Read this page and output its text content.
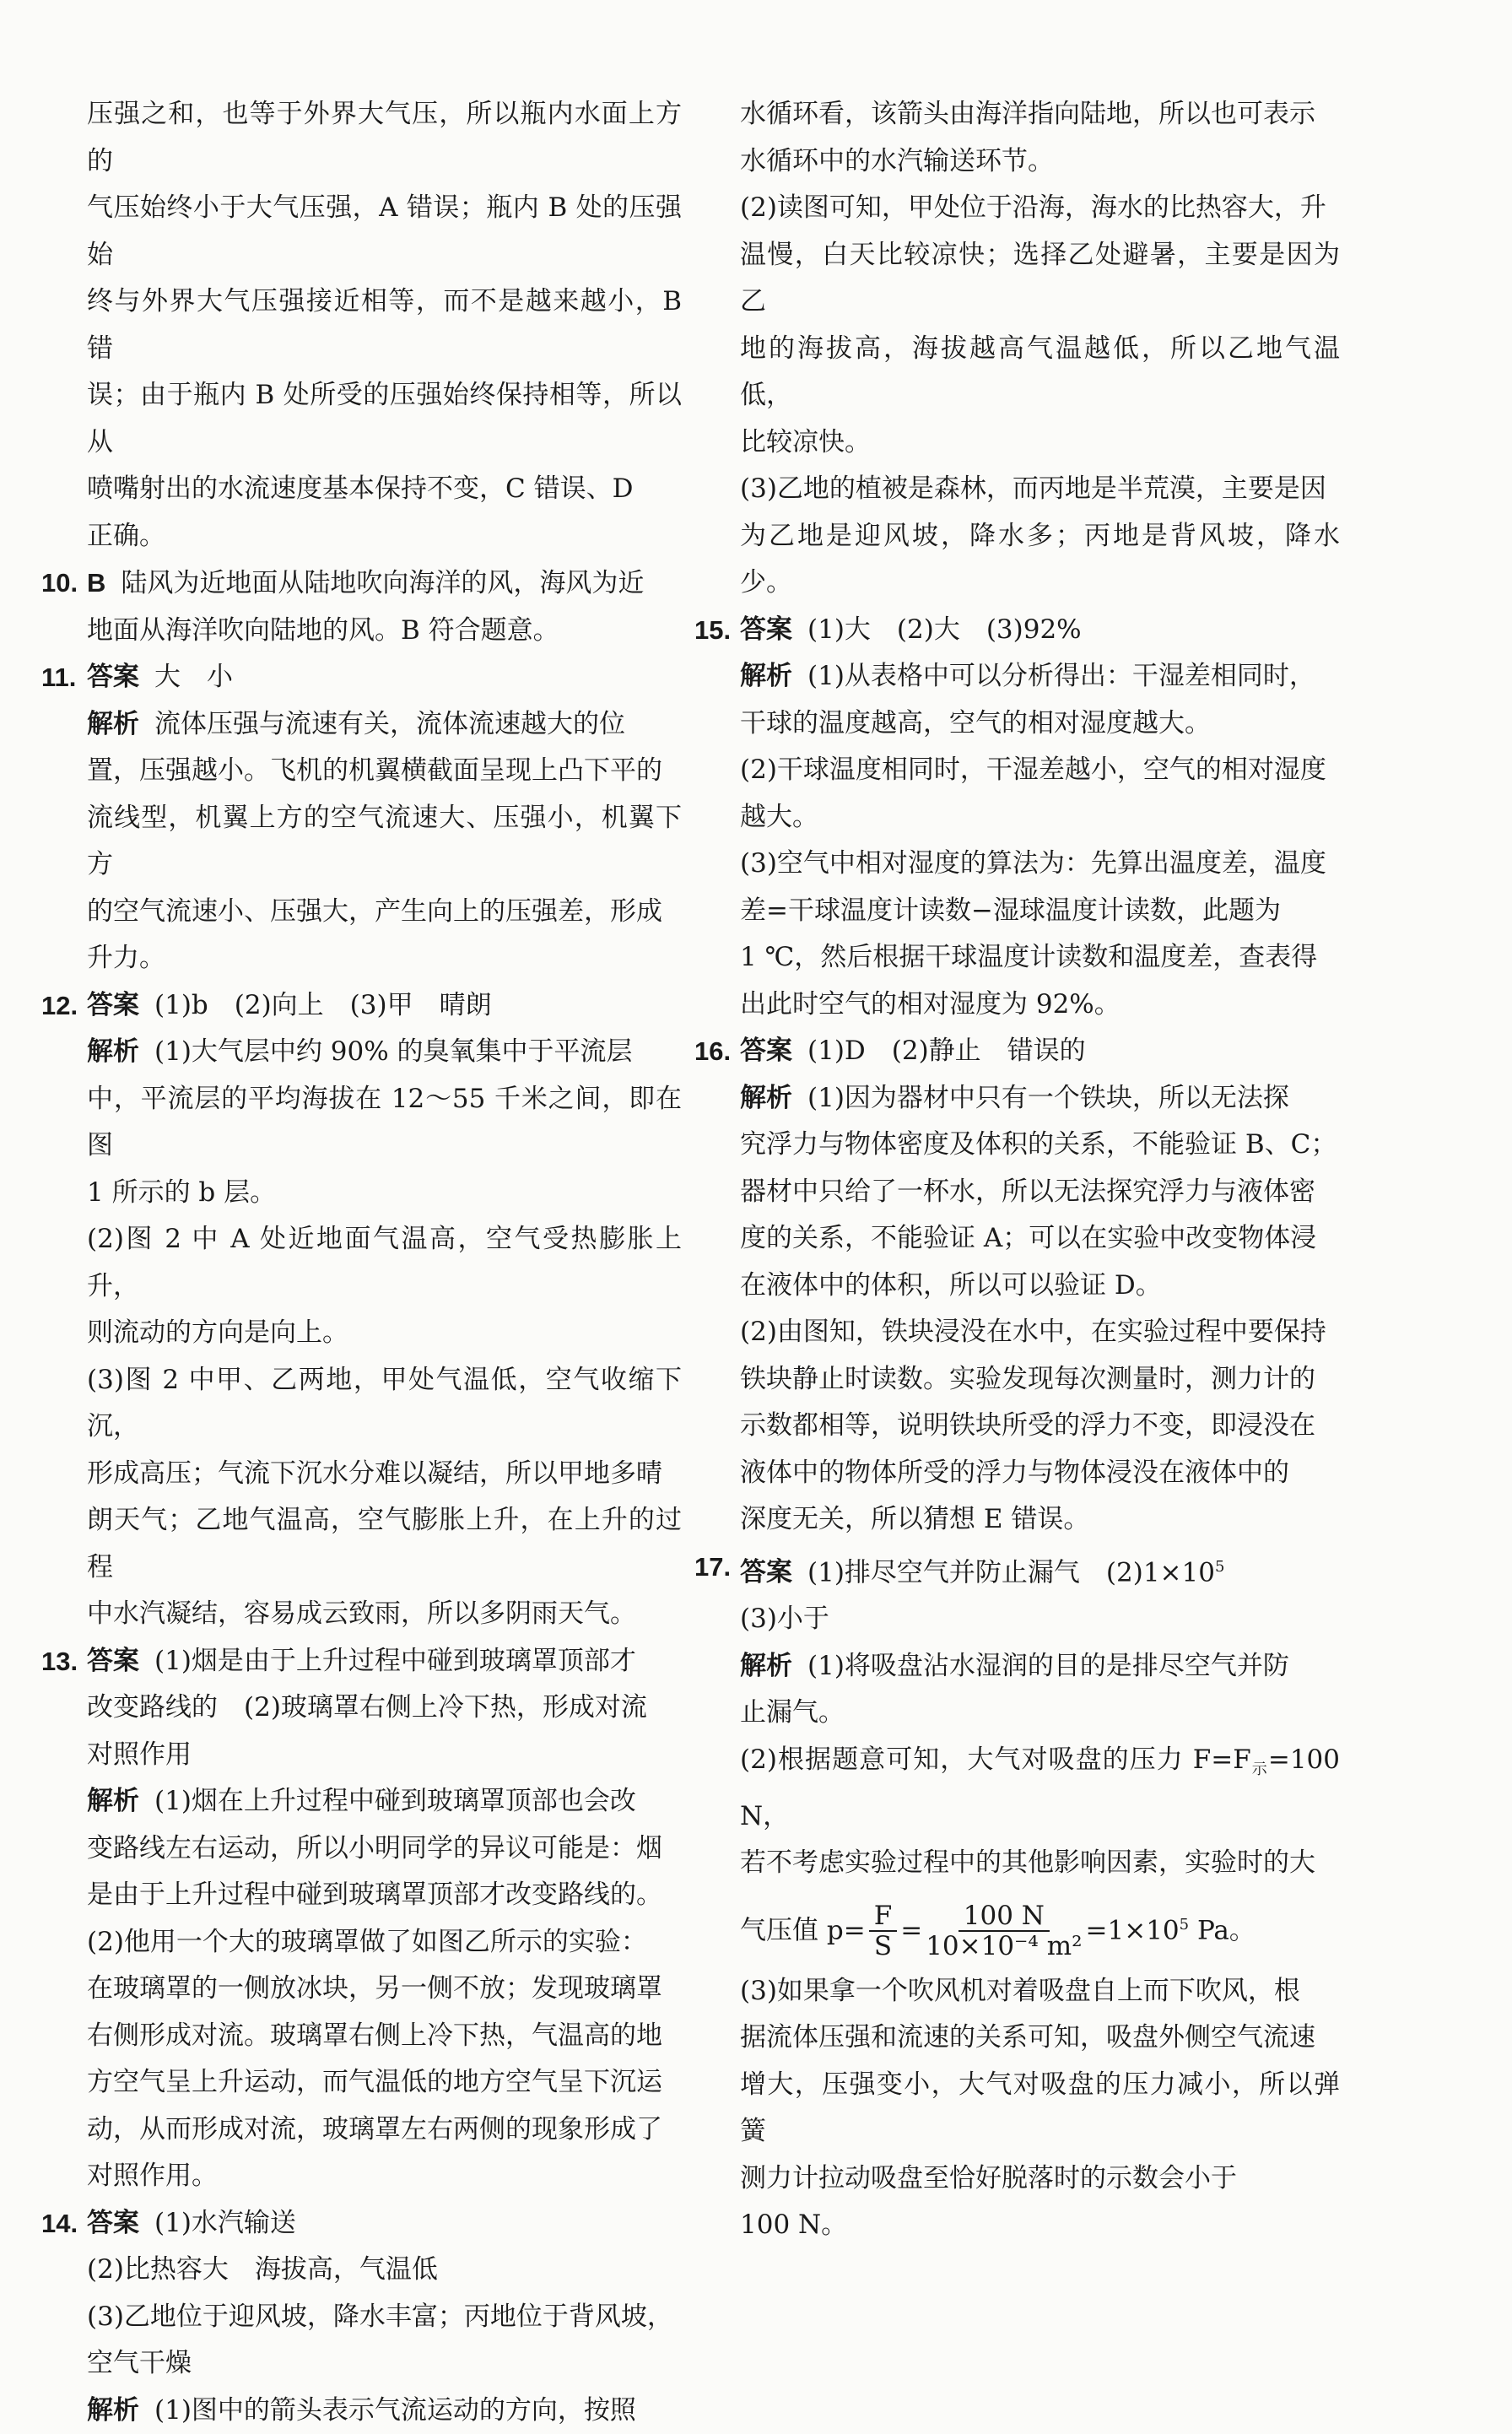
压强之和，也等于外界大气压，所以瓶内水面上方的

气压始终小于大气压强，A 错误；瓶内 B 处的压强始

终与外界大气压强接近相等，而不是越来越小，B 错

误；由于瓶内 B 处所受的压强始终保持相等，所以从

喷嘴射出的水流速度基本保持不变，C 错误、D

正确。

10. B 陆风为近地面从陆地吹向海洋的风，海风为近

地面从海洋吹向陆地的风。B 符合题意。

11. 答案 大　小

解析 流体压强与流速有关，流体流速越大的位

置，压强越小。飞机的机翼横截面呈现上凸下平的

流线型，机翼上方的空气流速大、压强小，机翼下方

的空气流速小、压强大，产生向上的压强差，形成

升力。

12. 答案 (1)b　(2)向上　(3)甲　晴朗

解析 (1)大气层中约 90% 的臭氧集中于平流层

中，平流层的平均海拔在 12～55 千米之间，即在图

1 所示的 b 层。

(2)图 2 中 A 处近地面气温高，空气受热膨胀上升，

则流动的方向是向上。

(3)图 2 中甲、乙两地，甲处气温低，空气收缩下沉，

形成高压；气流下沉水分难以凝结，所以甲地多晴

朗天气；乙地气温高，空气膨胀上升，在上升的过程

中水汽凝结，容易成云致雨，所以多阴雨天气。

13. 答案 (1)烟是由于上升过程中碰到玻璃罩顶部才

改变路线的　(2)玻璃罩右侧上冷下热，形成对流

对照作用

解析 (1)烟在上升过程中碰到玻璃罩顶部也会改

变路线左右运动，所以小明同学的异议可能是：烟

是由于上升过程中碰到玻璃罩顶部才改变路线的。

(2)他用一个大的玻璃罩做了如图乙所示的实验：

在玻璃罩的一侧放冰块，另一侧不放；发现玻璃罩

右侧形成对流。玻璃罩右侧上冷下热，气温高的地

方空气呈上升运动，而气温低的地方空气呈下沉运

动，从而形成对流，玻璃罩左右两侧的现象形成了

对照作用。

14. 答案 (1)水汽输送

(2)比热容大　海拔高，气温低

(3)乙地位于迎风坡，降水丰富；丙地位于背风坡，

空气干燥

解析 (1)图中的箭头表示气流运动的方向，按照

水循环看，该箭头由海洋指向陆地，所以也可表示

水循环中的水汽输送环节。

(2)读图可知，甲处位于沿海，海水的比热容大，升

温慢，白天比较凉快；选择乙处避暑，主要是因为乙

地的海拔高，海拔越高气温越低，所以乙地气温低，

比较凉快。

(3)乙地的植被是森林，而丙地是半荒漠，主要是因

为乙地是迎风坡，降水多；丙地是背风坡，降水少。

15. 答案 (1)大　(2)大　(3)92%

解析 (1)从表格中可以分析得出：干湿差相同时，

干球的温度越高，空气的相对湿度越大。

(2)干球温度相同时，干湿差越小，空气的相对湿度

越大。

(3)空气中相对湿度的算法为：先算出温度差，温度

差=干球温度计读数−湿球温度计读数，此题为

1 ℃，然后根据干球温度计读数和温度差，查表得

出此时空气的相对湿度为 92%。

16. 答案 (1)D　(2)静止　错误的

解析 (1)因为器材中只有一个铁块，所以无法探

究浮力与物体密度及体积的关系，不能验证 B、C；

器材中只给了一杯水，所以无法探究浮力与液体密

度的关系，不能验证 A；可以在实验中改变物体浸

在液体中的体积，所以可以验证 D。

(2)由图知，铁块浸没在水中，在实验过程中要保持

铁块静止时读数。实验发现每次测量时，测力计的

示数都相等，说明铁块所受的浮力不变，即浸没在

液体中的物体所受的浮力与物体浸没在液体中的

深度无关，所以猜想 E 错误。

17. 答案 (1)排尽空气并防止漏气　$(2)1\times 10^5$

(3)小于

解析 (1)将吸盘沾水湿润的目的是排尽空气并防

止漏气。

(2)根据题意可知，大气对吸盘的压力 $F=F_示=100$ N，

若不考虑实验过程中的其他影响因素，实验时的大

气压值 $p= \frac{F}{S} = \frac{100 N}{\text{10×10⁻⁴ m²}} =1\times 10^5$ Pa。

(3)如果拿一个吹风机对着吸盘自上而下吹风，根

据流体压强和流速的关系可知，吸盘外侧空气流速

增大，压强变小，大气对吸盘的压力减小，所以弹簧

测力计拉动吸盘至恰好脱落时的示数会小于

100 N。
